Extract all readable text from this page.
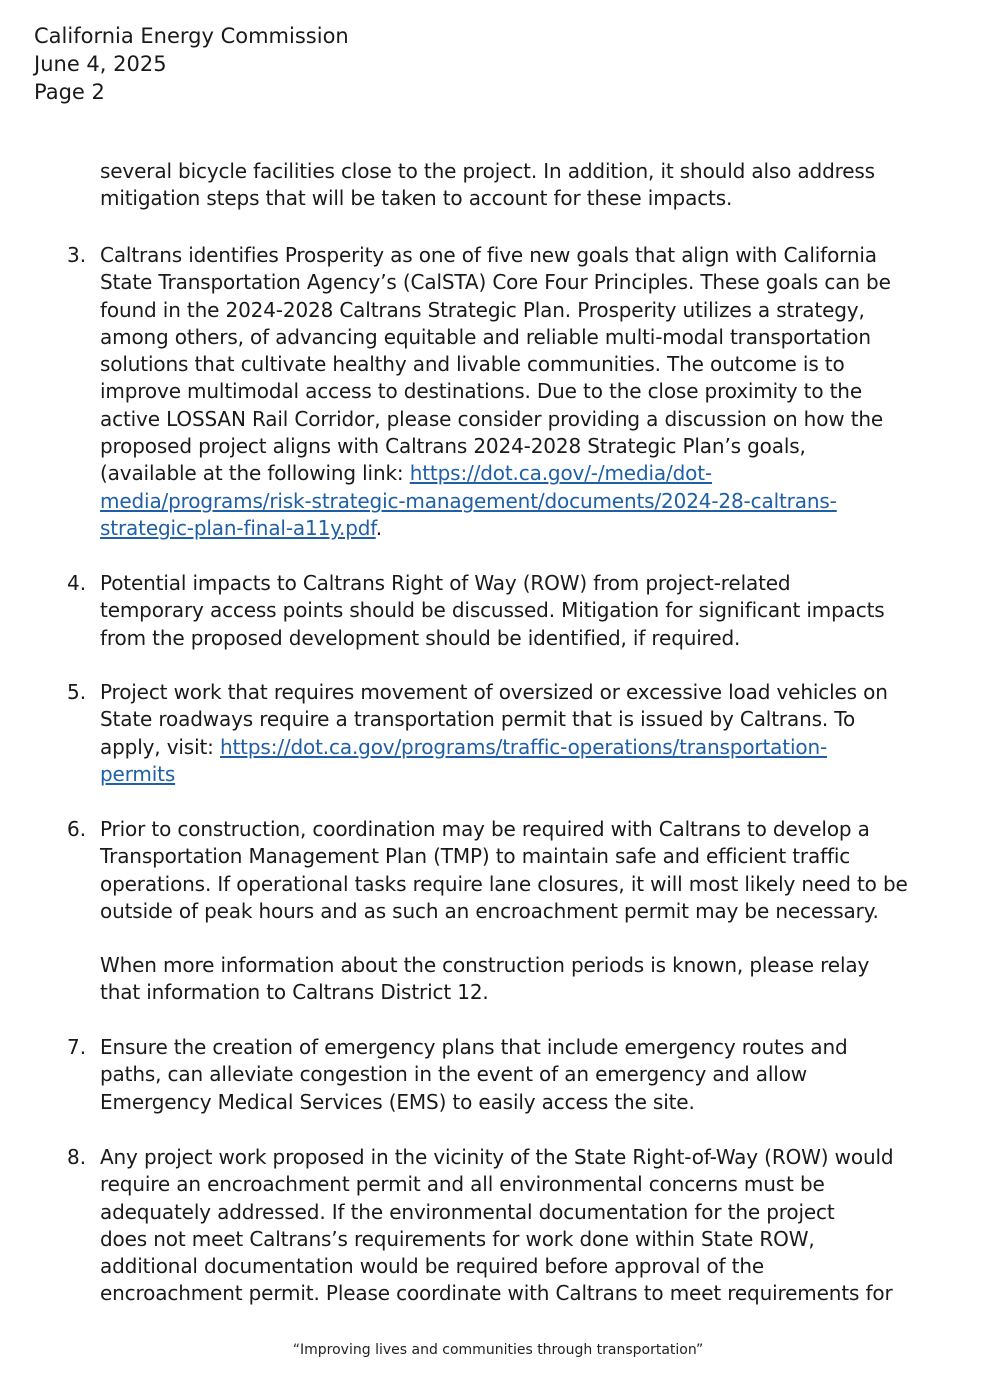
California Energy Commission
June 4, 2025
Page 2
several bicycle facilities close to the project. In addition, it should also address
mitigation steps that will be taken to account for these impacts.
3. Caltrans identifies Prosperity as one of five new goals that align with California
State Transportation Agency’s (CalSTA) Core Four Principles. These goals can be
found in the 2024-2028 Caltrans Strategic Plan. Prosperity utilizes a strategy,
among others, of advancing equitable and reliable multi-modal transportation
solutions that cultivate healthy and livable communities. The outcome is to
improve multimodal access to destinations. Due to the close proximity to the
active LOSSAN Rail Corridor, please consider providing a discussion on how the
proposed project aligns with Caltrans 2024-2028 Strategic Plan’s goals,
(available at the following link: https://dot.ca.gov/-/media/dot-
media/programs/risk-strategic-management/documents/2024-28-caltrans-
strategic-plan-final-a11y.pdf.
4. Potential impacts to Caltrans Right of Way (ROW) from project-related
temporary access points should be discussed. Mitigation for significant impacts
from the proposed development should be identified, if required.
5. Project work that requires movement of oversized or excessive load vehicles on
State roadways require a transportation permit that is issued by Caltrans. To
apply, visit: https://dot.ca.gov/programs/traffic-operations/transportation-
permits
6. Prior to construction, coordination may be required with Caltrans to develop a
Transportation Management Plan (TMP) to maintain safe and efficient traffic
operations. If operational tasks require lane closures, it will most likely need to be
outside of peak hours and as such an encroachment permit may be necessary.
When more information about the construction periods is known, please relay
that information to Caltrans District 12.
7. Ensure the creation of emergency plans that include emergency routes and
paths, can alleviate congestion in the event of an emergency and allow
Emergency Medical Services (EMS) to easily access the site.
8. Any project work proposed in the vicinity of the State Right-of-Way (ROW) would
require an encroachment permit and all environmental concerns must be
adequately addressed. If the environmental documentation for the project
does not meet Caltrans’s requirements for work done within State ROW,
additional documentation would be required before approval of the
encroachment permit. Please coordinate with Caltrans to meet requirements for
“Improving lives and communities through transportation”
